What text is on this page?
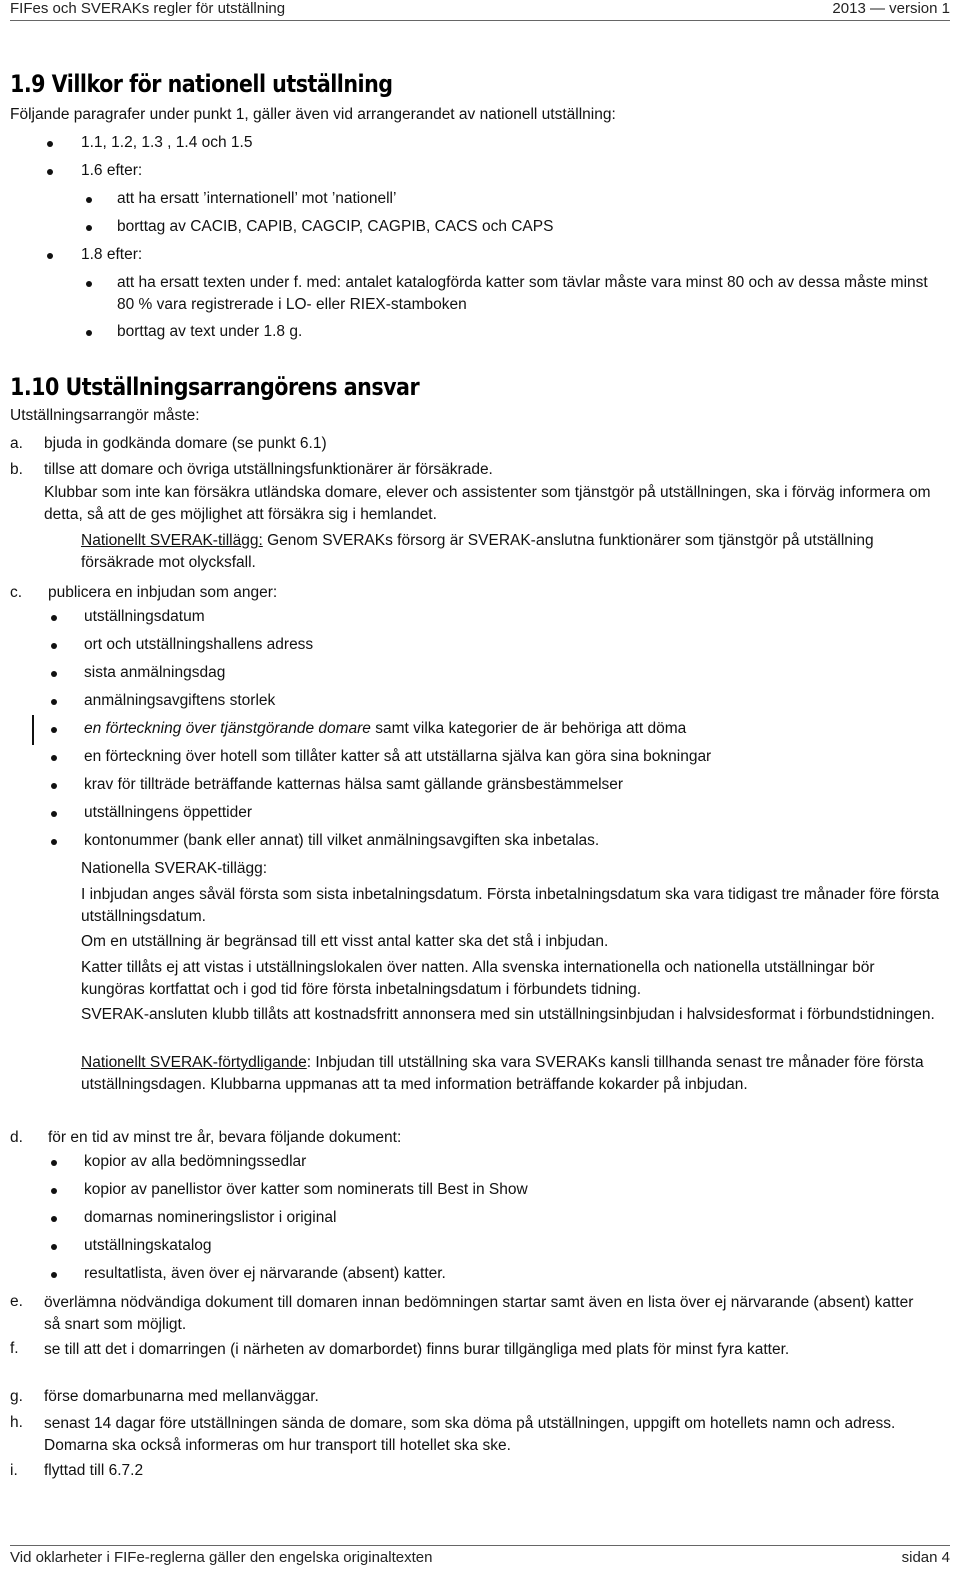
FIFes och SVERAKs regler för utställning	2013 — version 1
1.9 Villkor för nationell utställning
Följande paragrafer under punkt 1, gäller även vid arrangerandet av nationell utställning:
1.1, 1.2, 1.3 , 1.4 och 1.5
1.6 efter:
att ha ersatt ’internationell’ mot ’nationell’
borttag av CACIB, CAPIB, CAGCIP, CAGPIB, CACS och CAPS
1.8 efter:
att ha ersatt texten under f. med: antalet katalogförda katter som tävlar måste vara minst 80 och av dessa måste minst 80 % vara registrerade i LO- eller RIEX-stamboken
borttag av text under 1.8 g.
1.10 Utställningsarrangörens ansvar
Utställningsarrangör måste:
a. bjuda in godkända domare (se punkt 6.1)
b. tillse att domare och övriga utställningsfunktionärer är försäkrade.
Klubbar som inte kan försäkra utländska domare, elever och assistenter som tjänstgör på utställningen, ska i förväg informera om detta, så att de ges möjlighet att försäkra sig i hemlandet.
Nationellt SVERAK-tillägg: Genom SVERAKs försorg är SVERAK-anslutna funktionärer som tjänstgör på utställning försäkrade mot olycksfall.
c. publicera en inbjudan som anger:
utställningsdatum
ort och utställningshallens adress
sista anmälningsdag
anmälningsavgiftens storlek
en förteckning över tjänstgörande domare samt vilka kategorier de är behöriga att döma
en förteckning över hotell som tillåter katter så att utställarna själva kan göra sina bokningar
krav för tillträde beträffande katternas hälsa samt gällande gränsbestämmelser
utställningens öppettider
kontonummer (bank eller annat) till vilket anmälningsavgiften ska inbetalas.
Nationella SVERAK-tillägg:
I inbjudan anges såväl första som sista inbetalningsdatum. Första inbetalningsdatum ska vara tidigast tre månader före första utställningsdatum.
Om en utställning är begränsad till ett visst antal katter ska det stå i inbjudan.
Katter tillåts ej att vistas i utställningslokalen över natten. Alla svenska internationella och nationella utställningar bör kungöras kortfattat och i god tid före första inbetalningsdatum i förbundets tidning.
SVERAK-ansluten klubb tillåts att kostnadsfritt annonsera med sin utställningsinbjudan i halvsidesformat i förbundstidningen.
Nationellt SVERAK-förtydligande: Inbjudan till utställning ska vara SVERAKs kansli tillhanda senast tre månader före första utställningsdagen. Klubbarna uppmanas att ta med information beträffande kokarder på inbjudan.
d. för en tid av minst tre år, bevara följande dokument:
kopior av alla bedömningssedlar
kopior av panellistor över katter som nominerats till Best in Show
domarnas nomineringslistor i original
utställningskatalog
resultatlista, även över ej närvarande (absent) katter.
e. överlämna nödvändiga dokument till domaren innan bedömningen startar samt även en lista över ej närvarande (absent) katter så snart som möjligt.
f. se till att det i domarringen (i närheten av domarbordet) finns burar tillgängliga med plats för minst fyra katter.
g. förse domarbunarna med mellanväggar.
h. senast 14 dagar före utställningen sända de domare, som ska döma på utställningen, uppgift om hotellets namn och adress. Domarna ska också informeras om hur transport till hotellet ska ske.
i. flyttad till 6.7.2
Vid oklarheter i FIFe-reglerna gäller den engelska originaltexten	sidan 4
